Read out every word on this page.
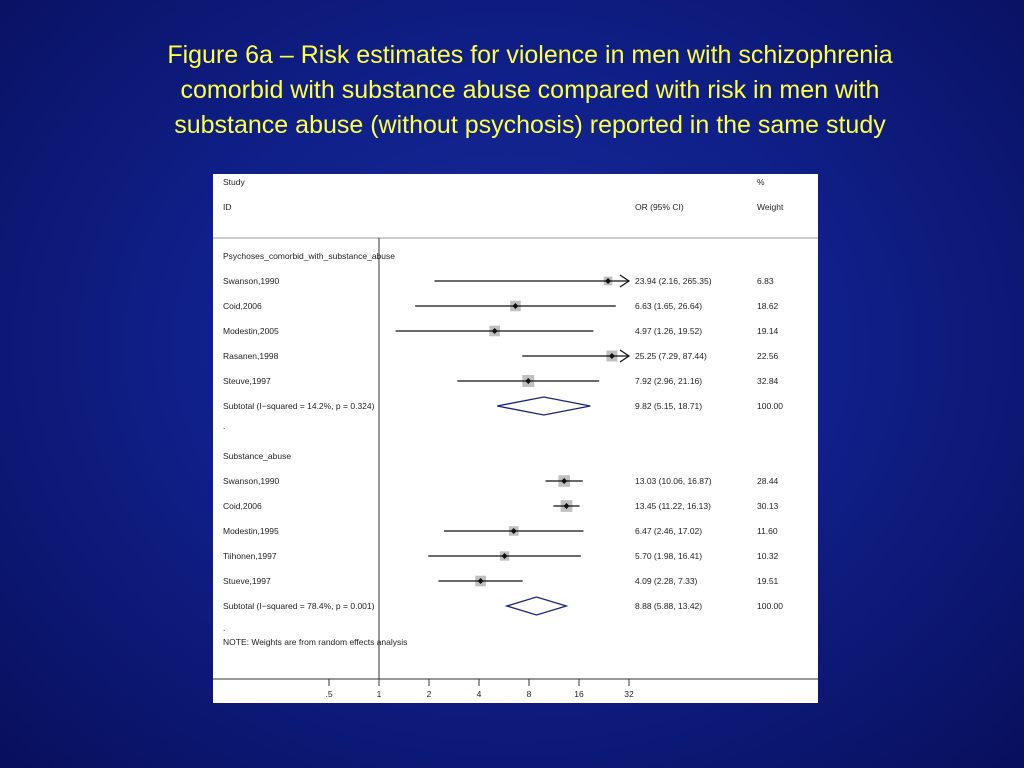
Figure 6a – Risk estimates for violence in men with schizophrenia
comorbid with substance abuse compared with risk in men with
substance abuse (without psychosis) reported in the same study
Study
ID	OR (95% CI)
%
Weight
Psychoses_comorbid_with_substance_abuse
Swanson,1990	23.94 (2.16, 265.35)	6.83
Coid,2006	6.63 (1.65, 26.64)	18.62
Modestin,2005	4.97 (1.26, 19.52)	19.14
Rasanen,1998	25.25 (7.29, 87.44)	22.56
Steuve,1997	7.92 (2.96, 21.16)	32.84
Subtotal (I−squared = 14.2%, p = 0.324)	9.82 (5.15, 18.71)	100.00
.
Substance_abuse
Swanson,1990	13.03 (10.06, 16.87)	28.44
Coid,2006	13.45 (11.22, 16.13)	30.13
Modestin,1995	6.47 (2.46, 17.02)	11.60
Tiihonen,1997	5.70 (1.98, 16.41)	10.32
Stueve,1997	4.09 (2.28, 7.33)	19.51
Subtotal (I−squared = 78.4%, p = 0.001)	8.88 (5.88, 13.42)	100.00
.
NOTE: Weights are from random effects analysis
.5	1	2	4	8	16	32
